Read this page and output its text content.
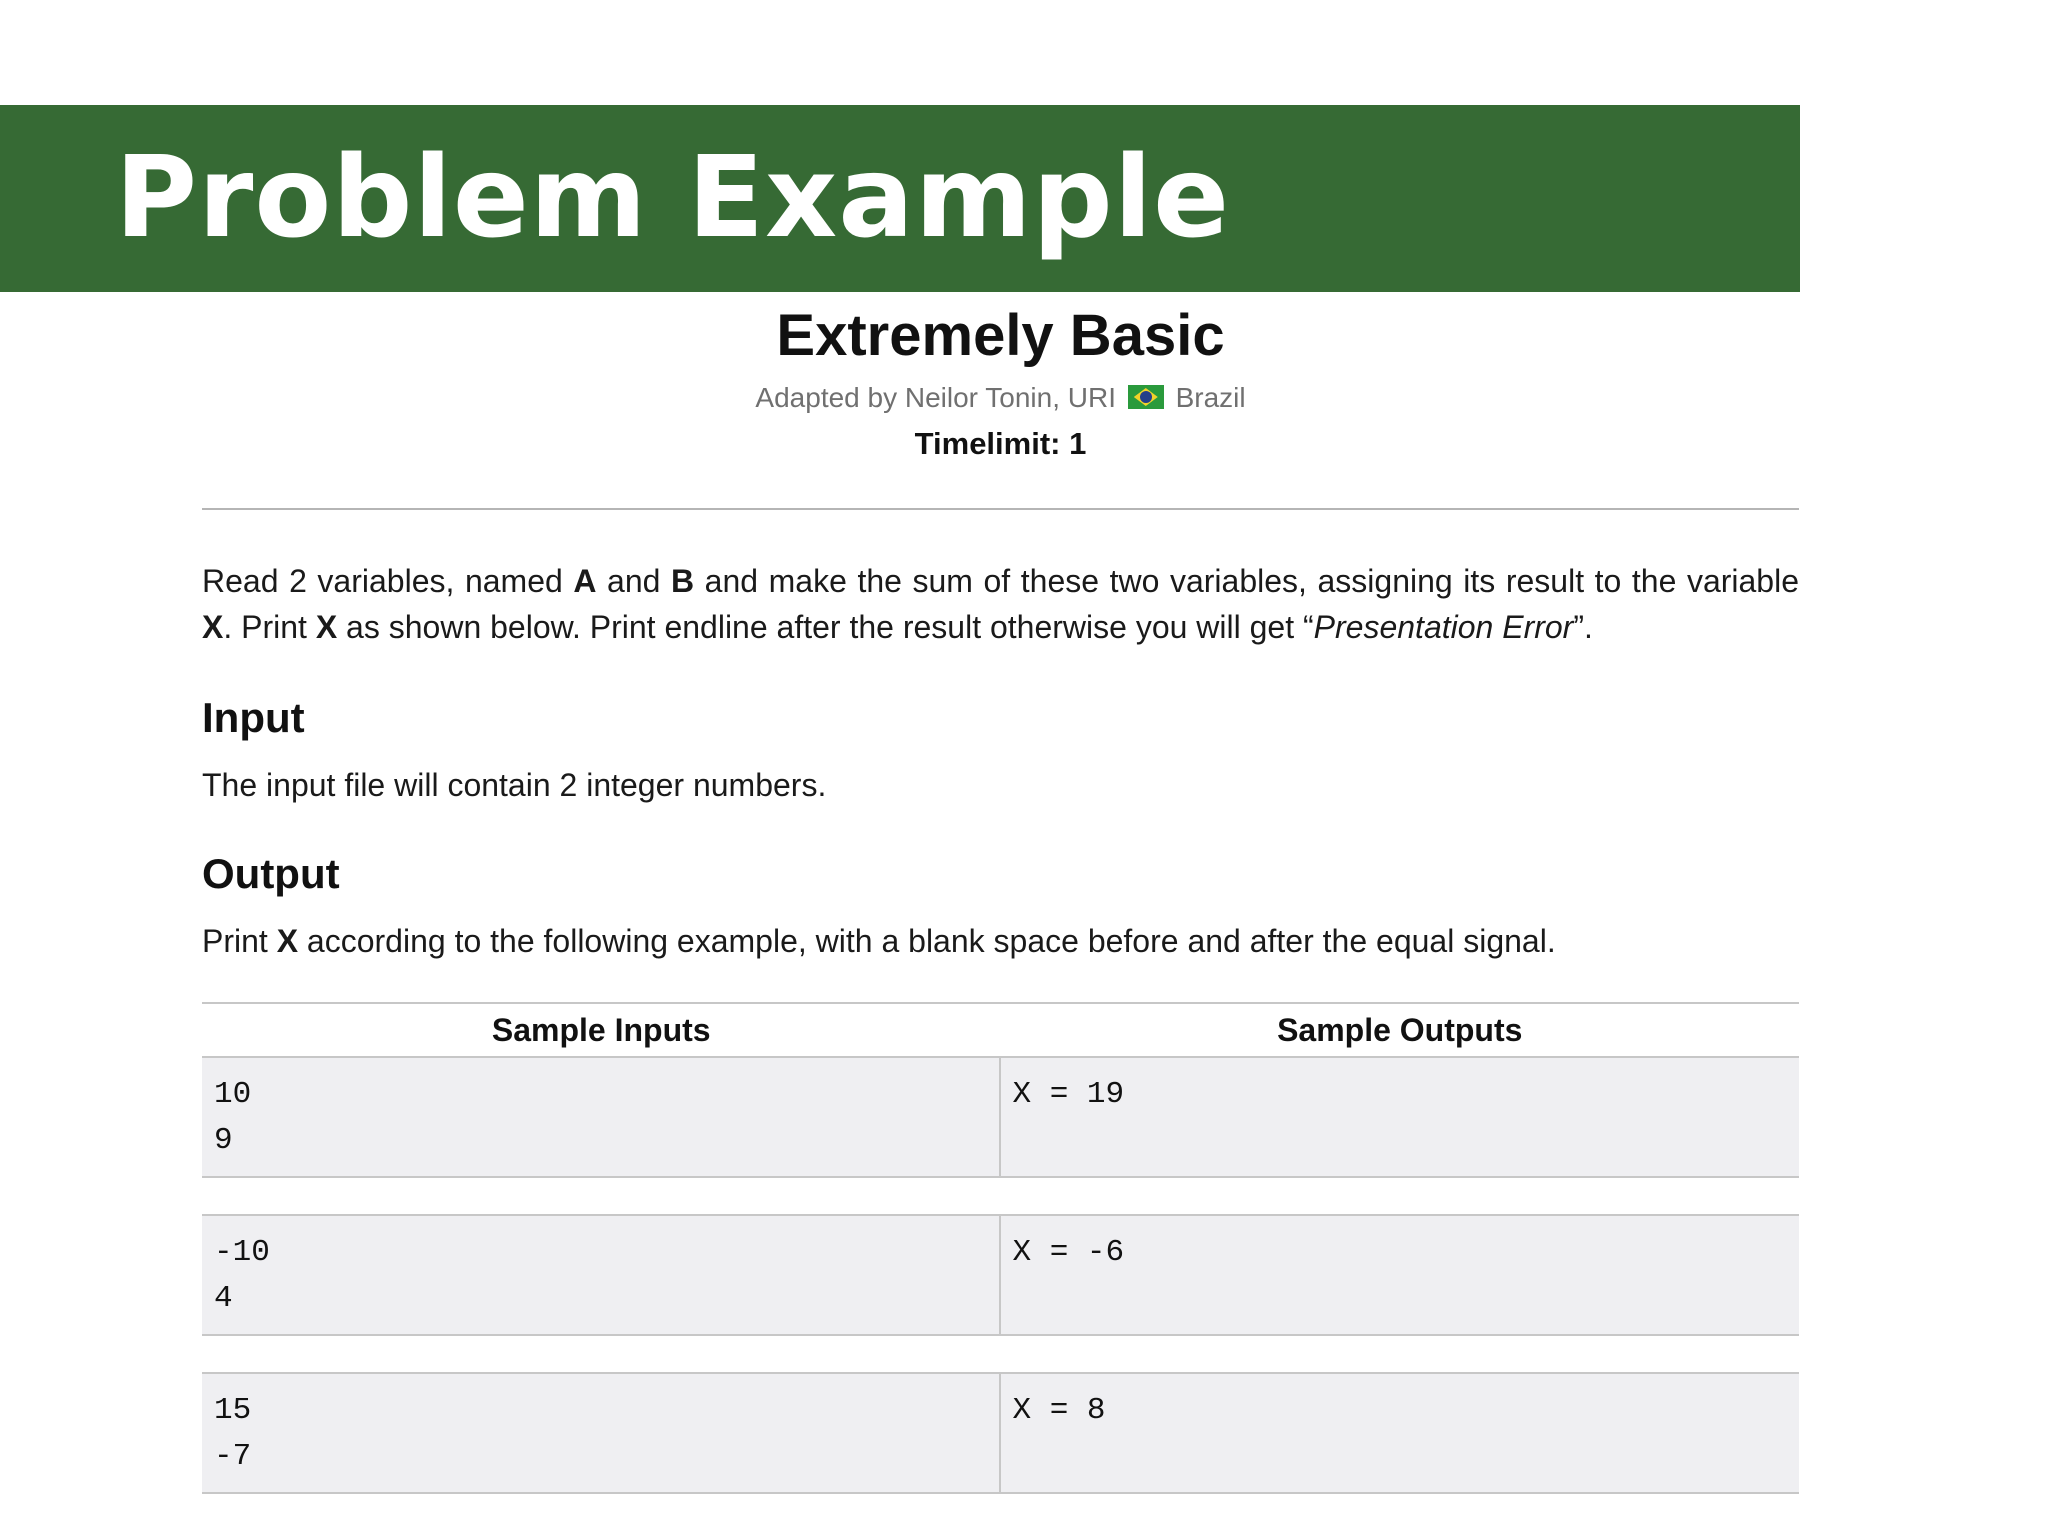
Problem Example
Extremely Basic
Adapted by Neilor Tonin, URI Brazil
Timelimit: 1

Read 2 variables, named A and B and make the sum of these two variables, assigning its result to the variable X. Print X as shown below. Print endline after the result otherwise you will get “Presentation Error”.

Input

The input file will contain 2 integer numbers.

Output

Print X according to the following example, with a blank space before and after the equal signal.

Sample Inputs	Sample Outputs
10
9
X = 19
-10
4
X = -6
15
-7
X = 8
